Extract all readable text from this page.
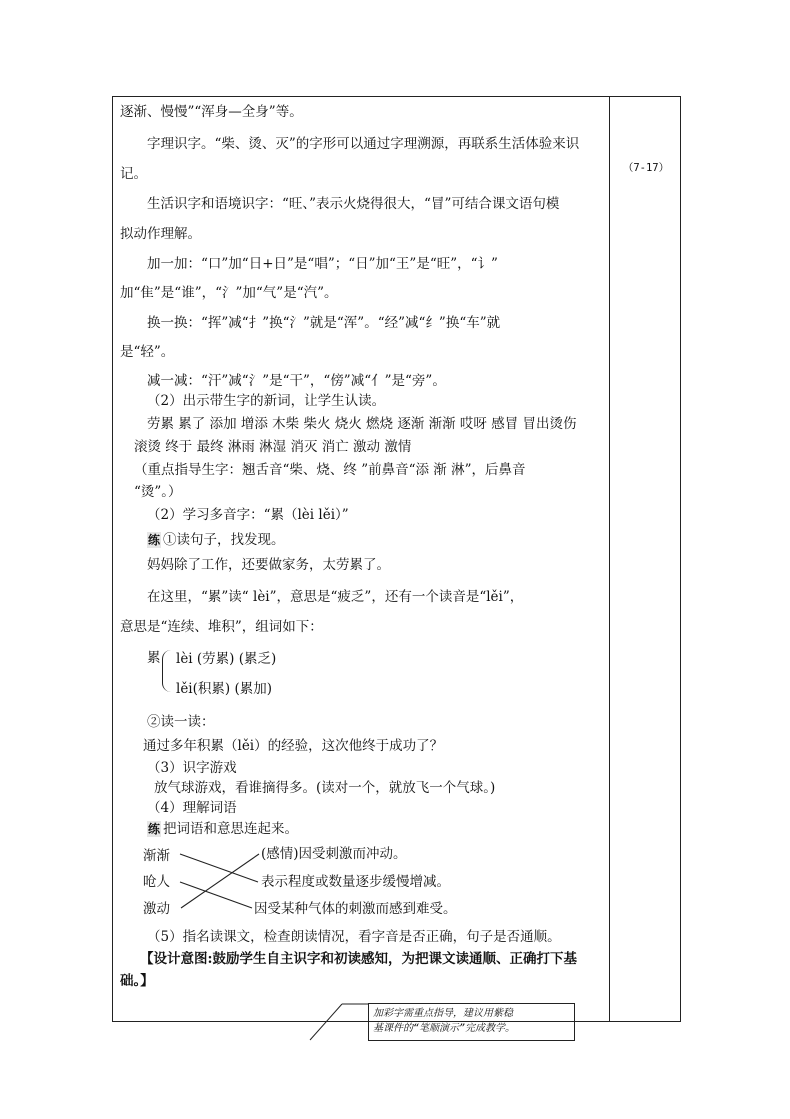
（7-17）
逐渐、慢慢”“浑身—全身”等。
字理识字。“柴、烫、灭”的字形可以通过字理溯源，再联系生活体验来识
记。
生活识字和语境识字：“旺、”表示火烧得很大，“冒”可结合课文语句模
拟动作理解。
加一加：“口”加“日+日”是“唱”；“日”加“王”是“旺”，“讠”
加“隹”是“谁”，“氵”加“气”是“汽”。
换一换：“挥”减“扌”换“氵”就是“浑”。“经”减“纟”换“车”就
是“轻”。
减一减：“汗”减“氵”是“干”，“傍”减“亻”是“旁”。
（2）出示带生字的新词，让学生认读。
劳累 累了 添加 增添 木柴 柴火 烧火 燃烧 逐渐 渐渐 哎呀 感冒 冒出烫伤
滚烫 终于 最终 淋雨 淋湿 消灭 消亡 激动 激情
（重点指导生字：翘舌音“柴、烧、终 ”前鼻音“添 渐 淋”，后鼻音
“烫”。）
（2）学习多音字：“累（lèi lěi）”
练 ①读句子，找发现。
妈妈除了工作，还要做家务，太劳累了。
在这里，“累”读“ lèi”，意思是“疲乏”，还有一个读音是“lěi”，
意思是“连续、堆积”，组词如下：
累 lèi (劳累) (累乏)
lěi(积累) (累加)
②读一读：
通过多年积累（lěi）的经验，这次他终于成功了？
（3）识字游戏
放气球游戏，看谁摘得多。(读对一个，就放飞一个气球。)
（4）理解词语
练 把词语和意思连起来。
渐渐
呛人
激动
(感情)因受刺激而冲动。
表示程度或数量逐步缓慢增减。
因受某种气体的刺激而感到难受。
（5）指名读课文，检查朗读情况，看字音是否正确，句子是否通顺。
【设计意图:鼓励学生自主识字和初读感知，为把课文读通顺、正确打下基
础。】
加彩字需重点指导，建议用紫稳
基课件的“笔顺演示”完成教学。
